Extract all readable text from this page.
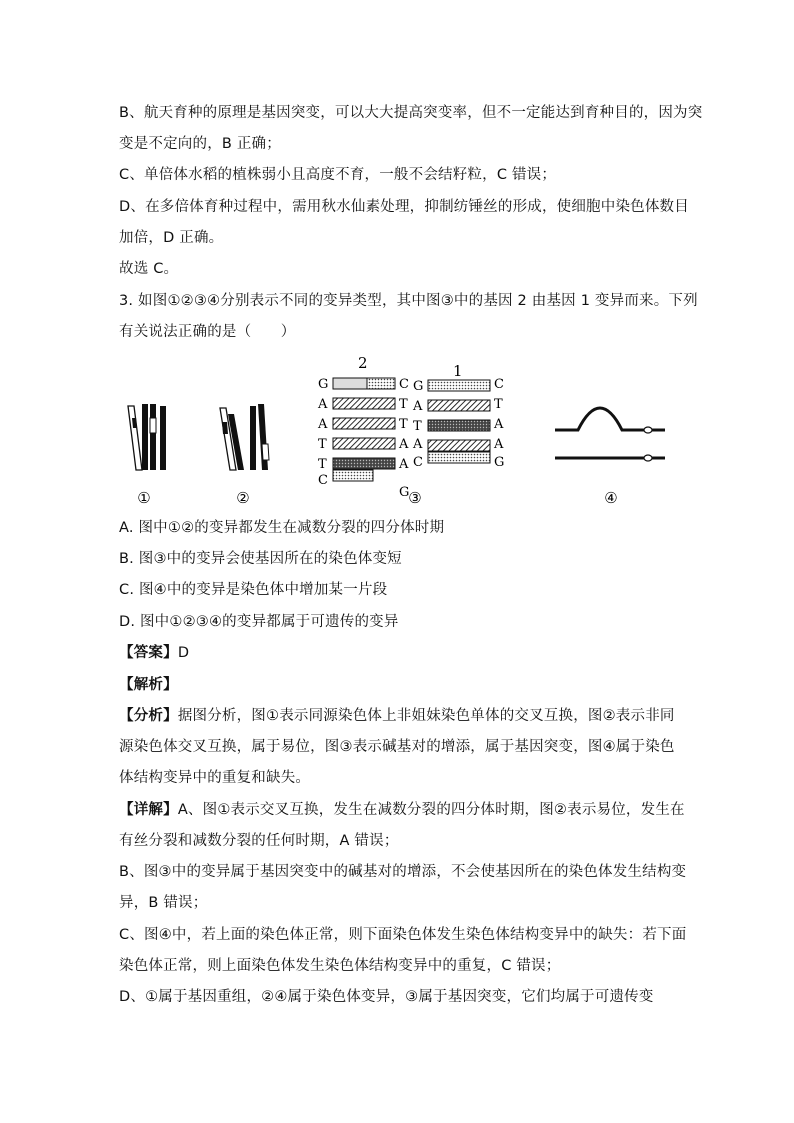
B、航天育种的原理是基因突变，可以大大提高突变率，但不一定能达到育种目的，因为突
变是不定向的，B 正确；
C、单倍体水稻的植株弱小且高度不育，一般不会结籽粒，C 错误；
D、在多倍体育种过程中，需用秋水仙素处理，抑制纺锤丝的形成，使细胞中染色体数目
加倍，D 正确。
故选 C。
3. 如图①②③④分别表示不同的变异类型，其中图③中的基因 2 由基因 1 变异而来。下列
有关说法正确的是（　　）
2
G
A
A
T
T
C
C
T
T
A
A
G
1
G
A
T
A
C
C
T
A
A
G
①	②	③	④
A. 图中①②的变异都发生在减数分裂的四分体时期
B. 图③中的变异会使基因所在的染色体变短
C. 图④中的变异是染色体中增加某一片段
D. 图中①②③④的变异都属于可遗传的变异
【答案】D
【解析】
【分析】据图分析，图①表示同源染色体上非姐妹染色单体的交叉互换，图②表示非同
源染色体交叉互换，属于易位，图③表示碱基对的增添，属于基因突变，图④属于染色
体结构变异中的重复和缺失。
【详解】A、图①表示交叉互换，发生在减数分裂的四分体时期，图②表示易位，发生在
有丝分裂和减数分裂的任何时期，A 错误；
B、图③中的变异属于基因突变中的碱基对的增添，不会使基因所在的染色体发生结构变
异，B 错误；
C、图④中，若上面的染色体正常，则下面染色体发生染色体结构变异中的缺失：若下面
染色体正常，则上面染色体发生染色体结构变异中的重复，C 错误；
D、①属于基因重组，②④属于染色体变异，③属于基因突变，它们均属于可遗传变
